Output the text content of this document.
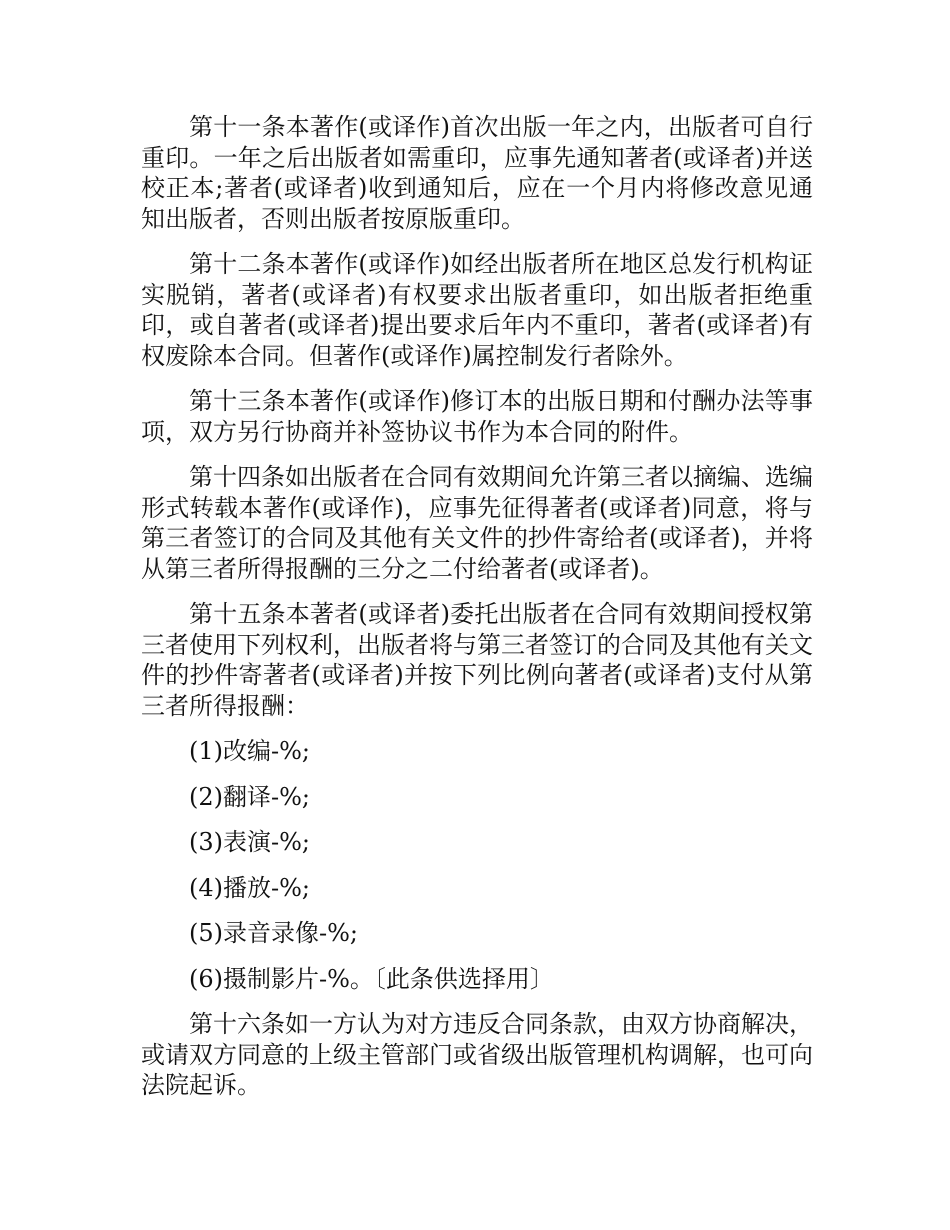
第十一条本著作(或译作)首次出版一年之内，出版者可自行重印。一年之后出版者如需重印，应事先通知著者(或译者)并送校正本;著者(或译者)收到通知后，应在一个月内将修改意见通知出版者，否则出版者按原版重印。

第十二条本著作(或译作)如经出版者所在地区总发行机构证实脱销，著者(或译者)有权要求出版者重印，如出版者拒绝重印，或自著者(或译者)提出要求后年内不重印，著者(或译者)有权废除本合同。但著作(或译作)属控制发行者除外。

第十三条本著作(或译作)修订本的出版日期和付酬办法等事项，双方另行协商并补签协议书作为本合同的附件。

第十四条如出版者在合同有效期间允许第三者以摘编、选编形式转载本著作(或译作)，应事先征得著者(或译者)同意，将与第三者签订的合同及其他有关文件的抄件寄给者(或译者)，并将从第三者所得报酬的三分之二付给著者(或译者)。

第十五条本著者(或译者)委托出版者在合同有效期间授权第三者使用下列权利，出版者将与第三者签订的合同及其他有关文件的抄件寄著者(或译者)并按下列比例向著者(或译者)支付从第三者所得报酬：

(1)改编-%;

(2)翻译-%;

(3)表演-%;

(4)播放-%;

(5)录音录像-%;

(6)摄制影片-%。〔此条供选择用〕

第十六条如一方认为对方违反合同条款，由双方协商解决，或请双方同意的上级主管部门或省级出版管理机构调解，也可向法院起诉。
